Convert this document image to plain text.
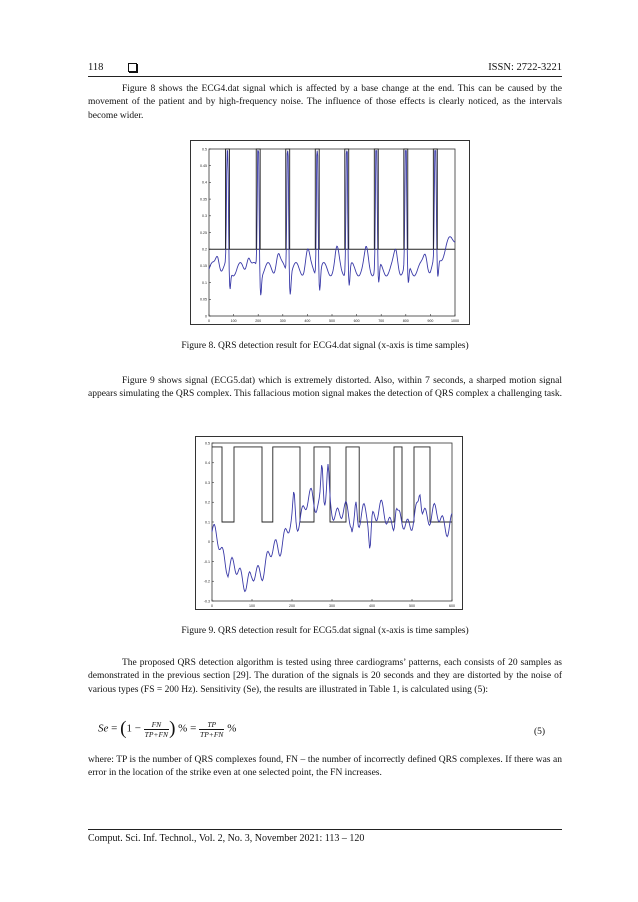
118	ISSN: 2722-3221

Figure 8 shows the ECG4.dat signal which is affected by a base change at the end. This can be caused by the movement of the patient and by high-frequency noise. The influence of those effects is clearly noticed, as the intervals become wider.

0	100	200	300	400	500	600	700	800	900	1000
0
0.05
0.1
0.15
0.2
0.25
0.3
0.35
0.4
0.45
0.5
Figure 8. QRS detection result for ECG4.dat signal (x-axis is time samples)

Figure 9 shows signal (ECG5.dat) which is extremely distorted. Also, within 7 seconds, a sharped motion signal appears simulating the QRS complex. This fallacious motion signal makes the detection of QRS complex a challenging task.

0	100	200	300	400	500	600
-0.3
-0.2
-0.1
0
0.1
0.2
0.3
0.4
0.5
Figure 9. QRS detection result for ECG5.dat signal (x-axis is time samples)

The proposed QRS detection algorithm is tested using three cardiograms’ patterns, each consists of 20 samples as demonstrated in the previous section [29]. The duration of the signals is 20 seconds and they are distorted by the noise of various types (FS = 200 Hz). Sensitivity (Se), the results are illustrated in Table 1, is calculated using (5):

$Se = (1 - \frac{FN}{TP+FN}$ ) % = $\frac{TP}{TP+FN}$ %	(5)

where: TP is the number of QRS complexes found, FN – the number of incorrectly defined QRS complexes. If there was an error in the location of the strike even at one selected point, the FN increases.

Comput. Sci. Inf. Technol., Vol. 2, No. 3, November 2021: 113 – 120
